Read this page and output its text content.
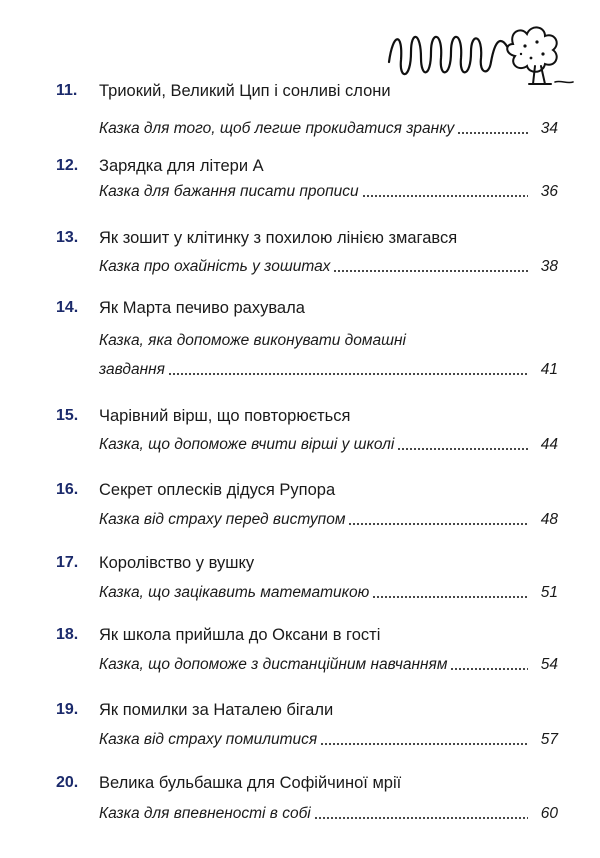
11.	Триокий, Великий Цип і сонливі слони
Казка для того, щоб легше прокидатися зранку	34
12.	Зарядка для літери А
Казка для бажання писати прописи	36
13.	Як зошит у клітинку з похилою лінією змагався
Казка про охайність у зошитах	38
14.	Як Марта печиво рахувала
Казка, яка допоможе виконувати домашні
завдання	41
15.	Чарівний вірш, що повторюється
Казка, що допоможе вчити вірші у школі	44
16.	Секрет оплесків дідуся Рупора
Казка від страху перед виступом	48
17.	Королівство у вушку
Казка, що зацікавить математикою	51
18.	Як школа прийшла до Оксани в гості
Казка, що допоможе з дистанційним навчанням	54
19.	Як помилки за Наталею бігали
Казка від страху помилитися	57
20.	Велика бульбашка для Софійчиної мрії
Казка для впевненості в собі	60
